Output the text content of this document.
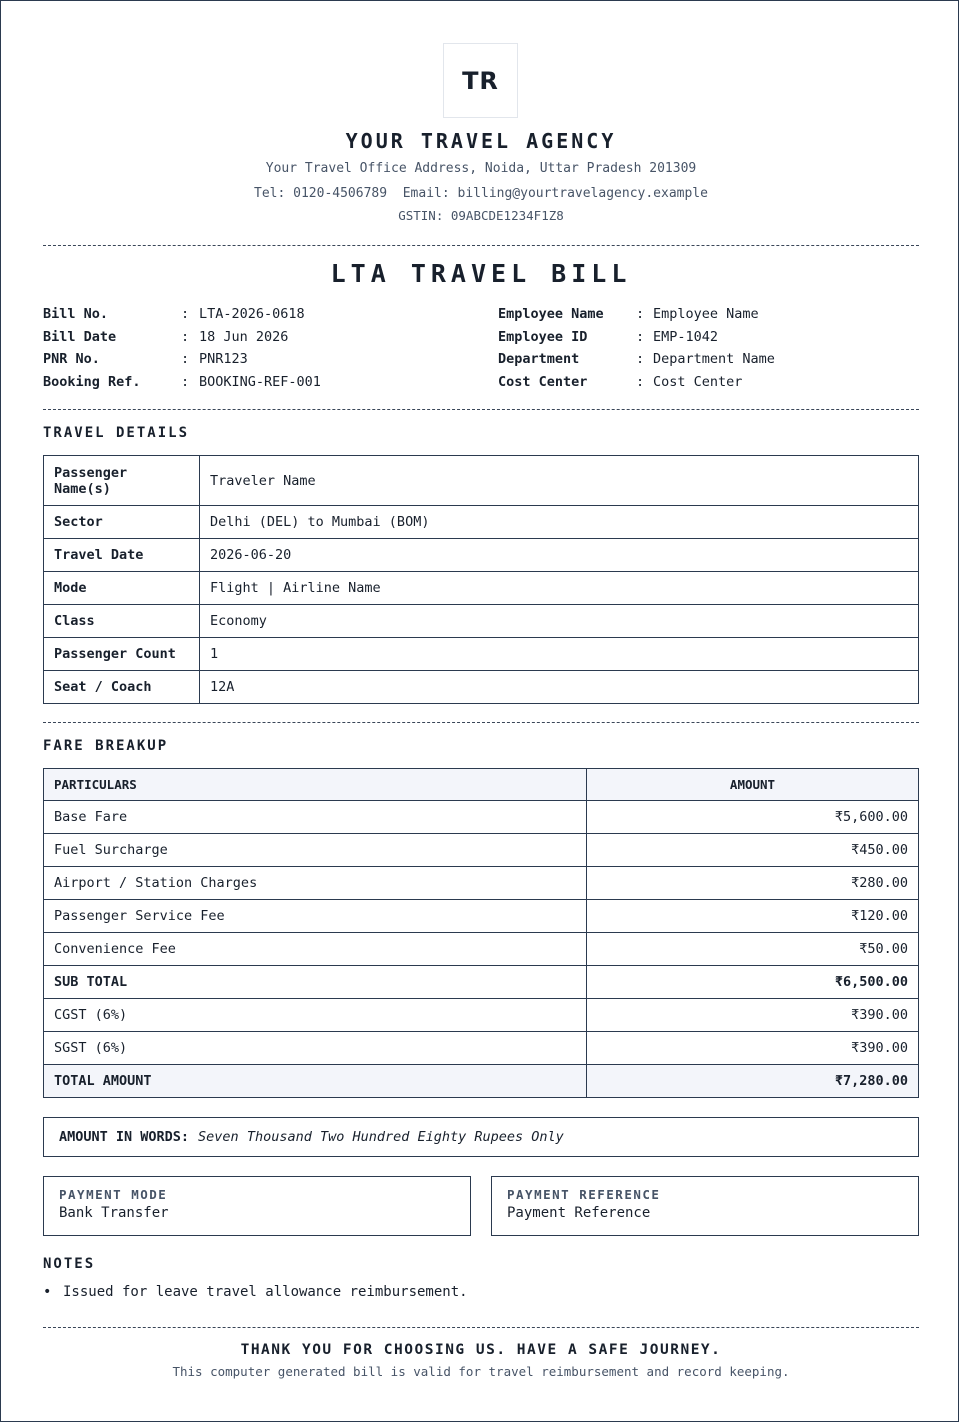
TR
YOUR TRAVEL AGENCY
Your Travel Office Address, Noida, Uttar Pradesh 201309
Tel: 0120-4506789  Email: billing@yourtravelagency.example
GSTIN: 09ABCDE1234F1Z8
LTA TRAVEL BILL
Bill No.	: LTA-2026-0618
Bill Date	: 18 Jun 2026
PNR No.	: PNR123
Booking Ref.	: BOOKING-REF-001
Employee Name	: Employee Name
Employee ID	: EMP-1042
Department	: Department Name
Cost Center	: Cost Center
TRAVEL DETAILS
Passenger Name(s)	Traveler Name
Sector	Delhi (DEL) to Mumbai (BOM)
Travel Date	2026-06-20
Mode	Flight | Airline Name
Class	Economy
Passenger Count	1
Seat / Coach	12A
FARE BREAKUP
PARTICULARS	AMOUNT
Base Fare	₹5,600.00
Fuel Surcharge	₹450.00
Airport / Station Charges	₹280.00
Passenger Service Fee	₹120.00
Convenience Fee	₹50.00
SUB TOTAL	₹6,500.00
CGST (6%)	₹390.00
SGST (6%)	₹390.00
TOTAL AMOUNT	₹7,280.00
AMOUNT IN WORDS: Seven Thousand Two Hundred Eighty Rupees Only
PAYMENT MODE
Bank Transfer
PAYMENT REFERENCE
Payment Reference
NOTES
• Issued for leave travel allowance reimbursement.
THANK YOU FOR CHOOSING US. HAVE A SAFE JOURNEY.
This computer generated bill is valid for travel reimbursement and record keeping.
